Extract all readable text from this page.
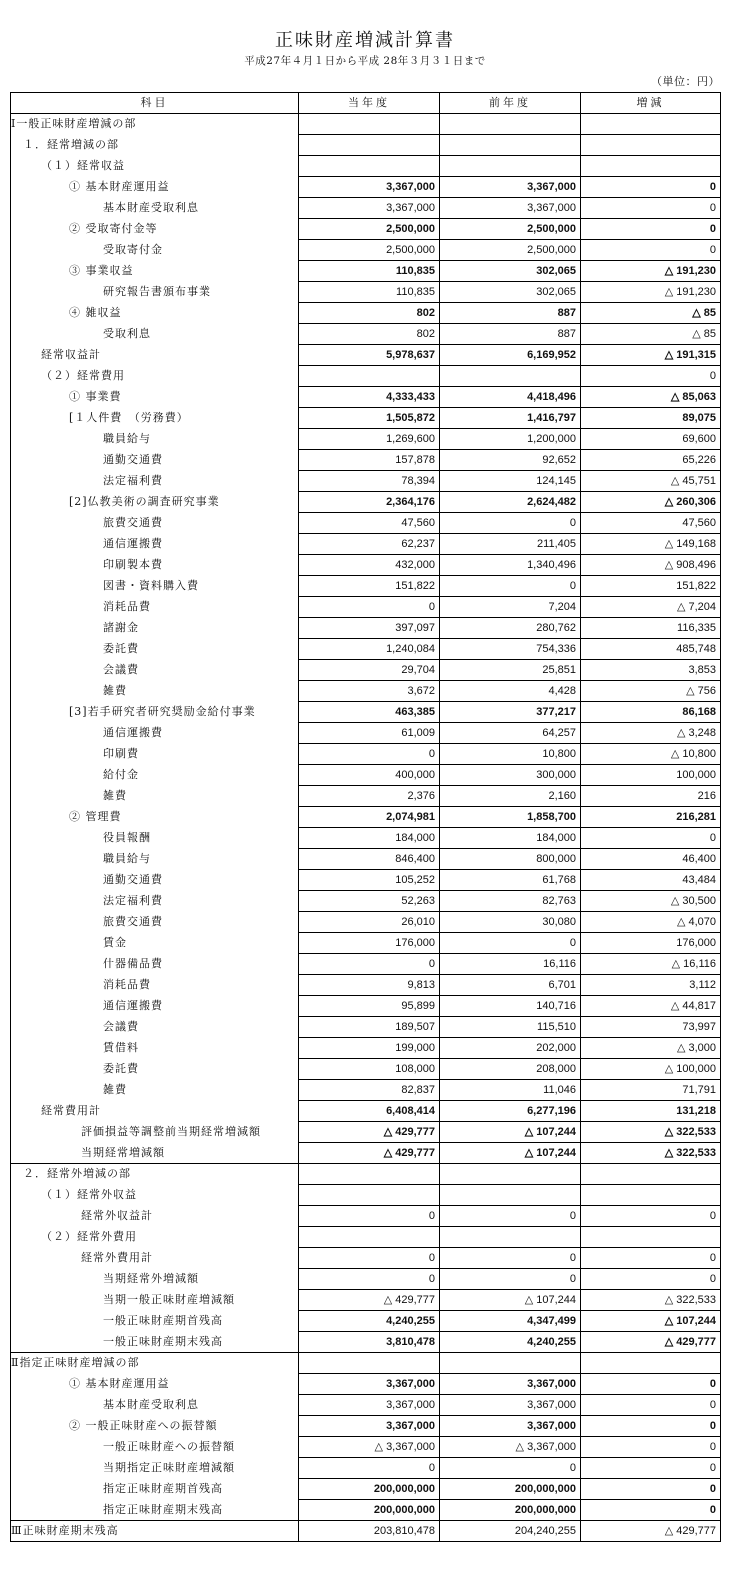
正味財産増減計算書
平成27年４月１日から平成 28年３月３１日まで
（単位：円）
科目	当年度	前年度	増減
Ⅰ一般正味財産増減の部			
１．経常増減の部			
（１）経常収益			
① 基本財産運用益	3,367,000	3,367,000	0
基本財産受取利息	3,367,000	3,367,000	0
② 受取寄付金等	2,500,000	2,500,000	0
受取寄付金	2,500,000	2,500,000	0
③ 事業収益	110,835	302,065	△ 191,230
研究報告書頒布事業	110,835	302,065	△ 191,230
④ 雑収益	802	887	△ 85
受取利息	802	887	△ 85
経常収益計	5,978,637	6,169,952	△ 191,315
（２）経常費用			0
① 事業費	4,333,433	4,418,496	△ 85,063
[１人件費　（労務費）	1,505,872	1,416,797	89,075
職員給与	1,269,600	1,200,000	69,600
通勤交通費	157,878	92,652	65,226
法定福利費	78,394	124,145	△ 45,751
[2]仏教美術の調査研究事業	2,364,176	2,624,482	△ 260,306
旅費交通費	47,560	0	47,560
通信運搬費	62,237	211,405	△ 149,168
印刷製本費	432,000	1,340,496	△ 908,496
図書・資料購入費	151,822	0	151,822
消耗品費	0	7,204	△ 7,204
諸謝金	397,097	280,762	116,335
委託費	1,240,084	754,336	485,748
会議費	29,704	25,851	3,853
雑費	3,672	4,428	△ 756
[3]若手研究者研究奨励金給付事業	463,385	377,217	86,168
通信運搬費	61,009	64,257	△ 3,248
印刷費	0	10,800	△ 10,800
給付金	400,000	300,000	100,000
雑費	2,376	2,160	216
② 管理費	2,074,981	1,858,700	216,281
役員報酬	184,000	184,000	0
職員給与	846,400	800,000	46,400
通勤交通費	105,252	61,768	43,484
法定福利費	52,263	82,763	△ 30,500
旅費交通費	26,010	30,080	△ 4,070
賃金	176,000	0	176,000
什器備品費	0	16,116	△ 16,116
消耗品費	9,813	6,701	3,112
通信運搬費	95,899	140,716	△ 44,817
会議費	189,507	115,510	73,997
賃借料	199,000	202,000	△ 3,000
委託費	108,000	208,000	△ 100,000
雑費	82,837	11,046	71,791
経常費用計	6,408,414	6,277,196	131,218
評価損益等調整前当期経常増減額	△ 429,777	△ 107,244	△ 322,533
当期経常増減額	△ 429,777	△ 107,244	△ 322,533
２．経常外増減の部			
（１）経常外収益			
経常外収益計	0	0	0
（２）経常外費用			
経常外費用計	0	0	0
当期経常外増減額	0	0	0
当期一般正味財産増減額	△ 429,777	△ 107,244	△ 322,533
一般正味財産期首残高	4,240,255	4,347,499	△ 107,244
一般正味財産期末残高	3,810,478	4,240,255	△ 429,777
Ⅱ指定正味財産増減の部			
① 基本財産運用益	3,367,000	3,367,000	0
基本財産受取利息	3,367,000	3,367,000	0
② 一般正味財産への振替額	3,367,000	3,367,000	0
一般正味財産への振替額	△ 3,367,000	△ 3,367,000	0
当期指定正味財産増減額	0	0	0
指定正味財産期首残高	200,000,000	200,000,000	0
指定正味財産期末残高	200,000,000	200,000,000	0
Ⅲ正味財産期末残高	203,810,478	204,240,255	△ 429,777
